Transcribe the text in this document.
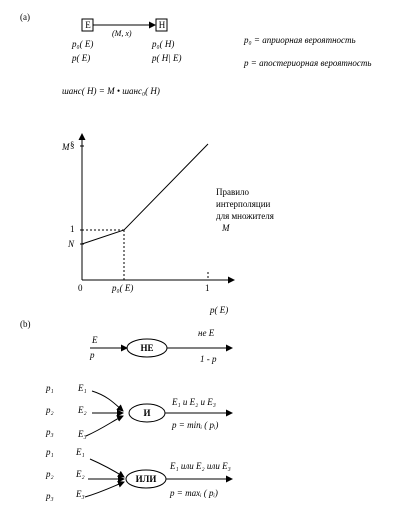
(a)
E	H
(M, x)
p₀( E)
p( E)
p₀( H)
p( H| E)
p₀ = априорная вероятность
p = апостериорная вероятность
шанс( H) = M • шанс₀( H)
M §
1
N
0	p₀( E)	1
p( E)
Правило
интерполяции
для множителя
M
(b)
E
p
НЕ
не E
1 - p
p₁	E₁
p₂	E₂
p₃	E₃
И
E₁ и E₂ и E₃
p = minᵢ ( pᵢ)
p₁ E₁
p₂ E₂
p₃ E₃
ИЛИ
E₁ или E₂ или E₃
p = maxᵢ ( pᵢ)
